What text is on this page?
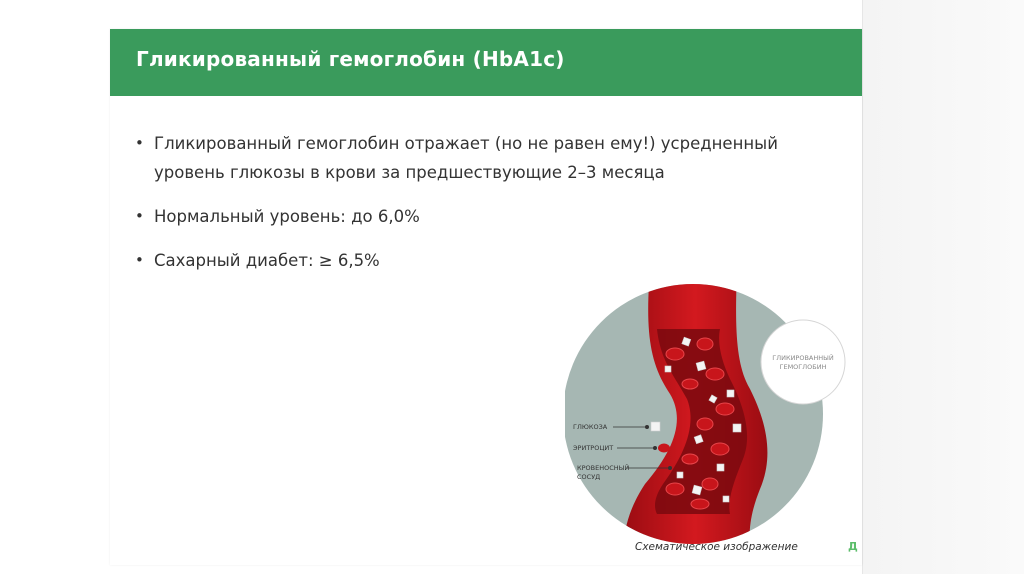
Гликированный гемоглобин (HbA1c)
• Гликированный гемоглобин отражает (но не равен ему!) усредненный уровень глюкозы в крови за предшествующие 2–3 месяца
• Нормальный уровень: до 6,0%
• Сахарный диабет: ≥ 6,5%
ГЛЮКОЗА
ЭРИТРОЦИТ
КРОВЕНОСНЫЙ
СОСУД
ГЛИКИРОВАННЫЙ
ГЕМОГЛОБИН
Схематическое изображение	Д
